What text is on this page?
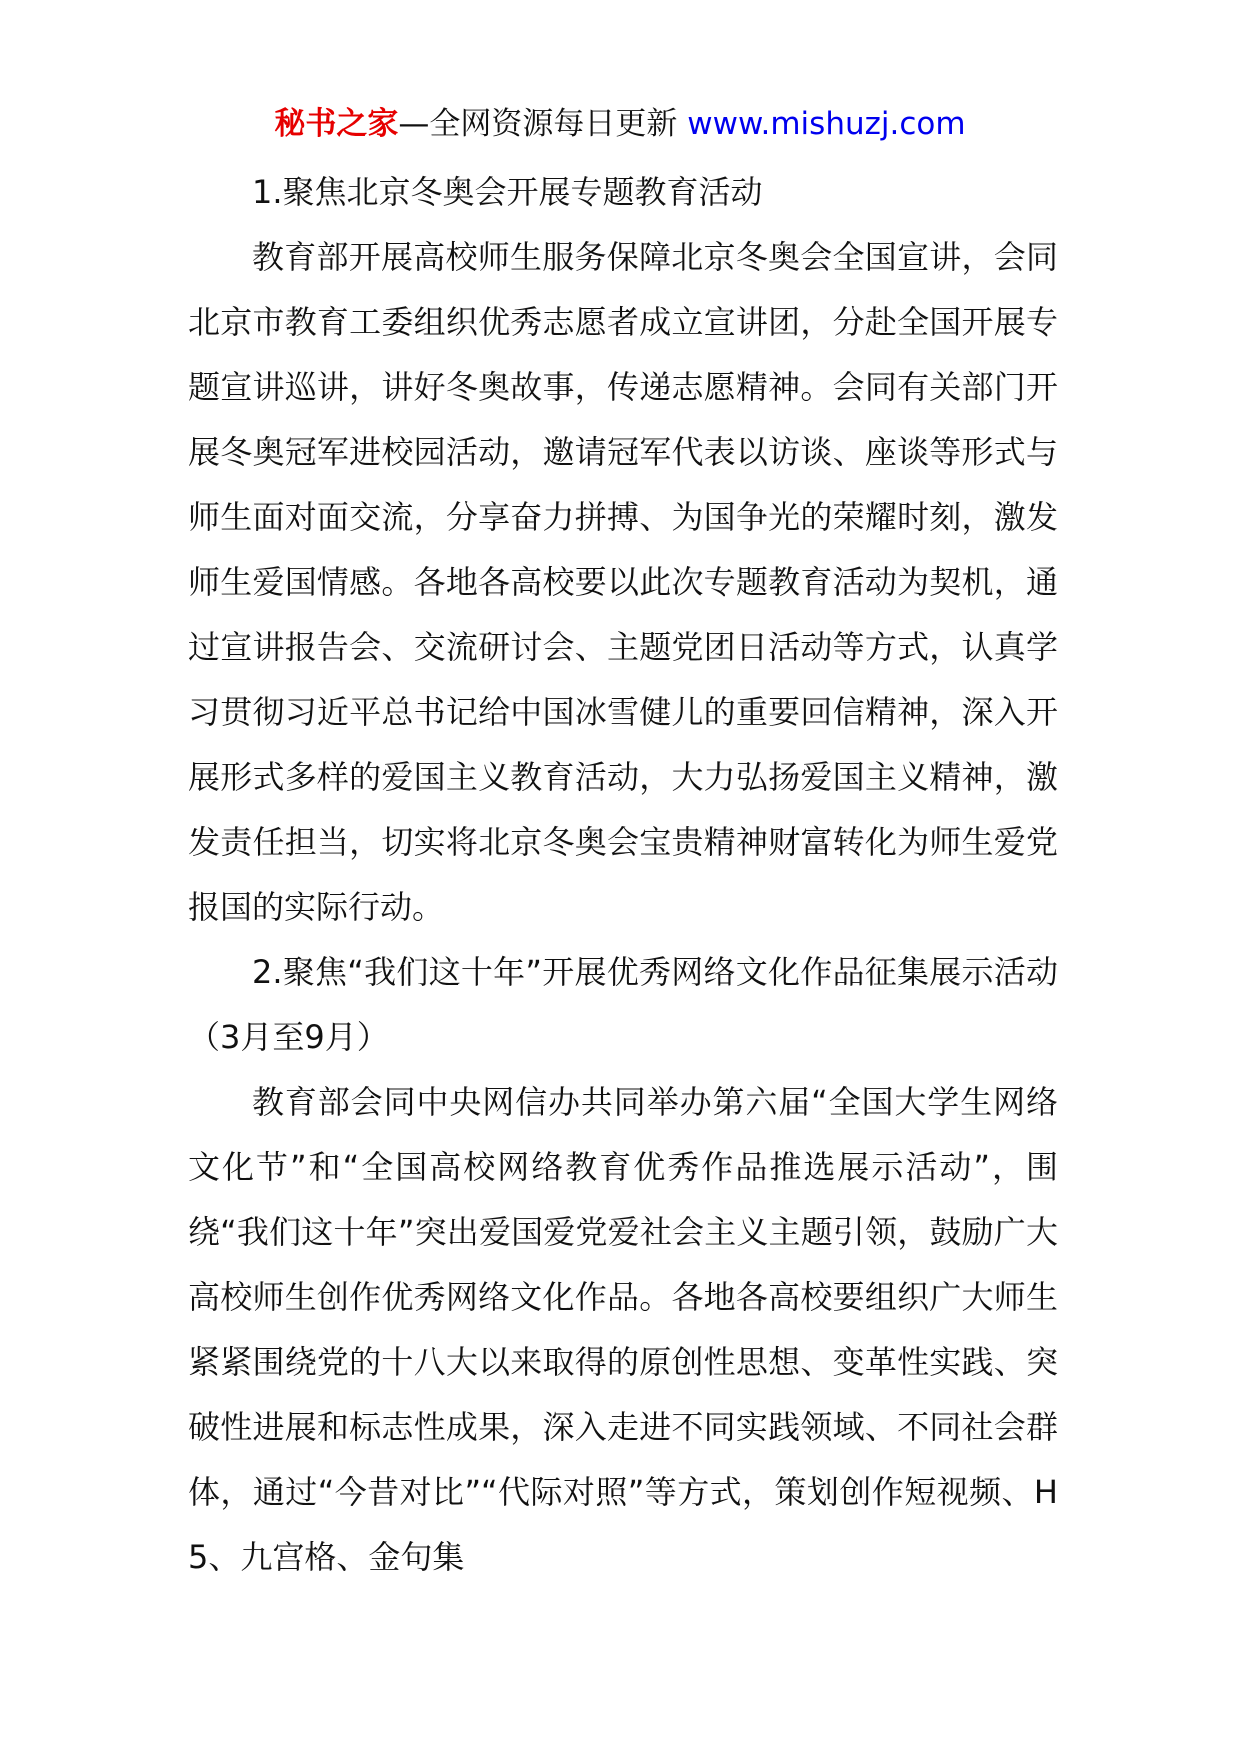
秘书之家—全网资源每日更新 www.mishuzj.com

1.聚焦北京冬奥会开展专题教育活动

教育部开展高校师生服务保障北京冬奥会全国宣讲，会同北京市教育工委组织优秀志愿者成立宣讲团，分赴全国开展专题宣讲巡讲，讲好冬奥故事，传递志愿精神。会同有关部门开展冬奥冠军进校园活动，邀请冠军代表以访谈、座谈等形式与师生面对面交流，分享奋力拼搏、为国争光的荣耀时刻，激发师生爱国情感。各地各高校要以此次专题教育活动为契机，通过宣讲报告会、交流研讨会、主题党团日活动等方式，认真学习贯彻习近平总书记给中国冰雪健儿的重要回信精神，深入开展形式多样的爱国主义教育活动，大力弘扬爱国主义精神，激发责任担当，切实将北京冬奥会宝贵精神财富转化为师生爱党报国的实际行动。

2.聚焦“我们这十年”开展优秀网络文化作品征集展示活动（3月至9月）

教育部会同中央网信办共同举办第六届“全国大学生网络文化节”和“全国高校网络教育优秀作品推选展示活动”，围绕“我们这十年”突出爱国爱党爱社会主义主题引领，鼓励广大高校师生创作优秀网络文化作品。各地各高校要组织广大师生紧紧围绕党的十八大以来取得的原创性思想、变革性实践、突破性进展和标志性成果，深入走进不同实践领域、不同社会群体，通过“今昔对比”“代际对照”等方式，策划创作短视频、H5、九宫格、金句集
